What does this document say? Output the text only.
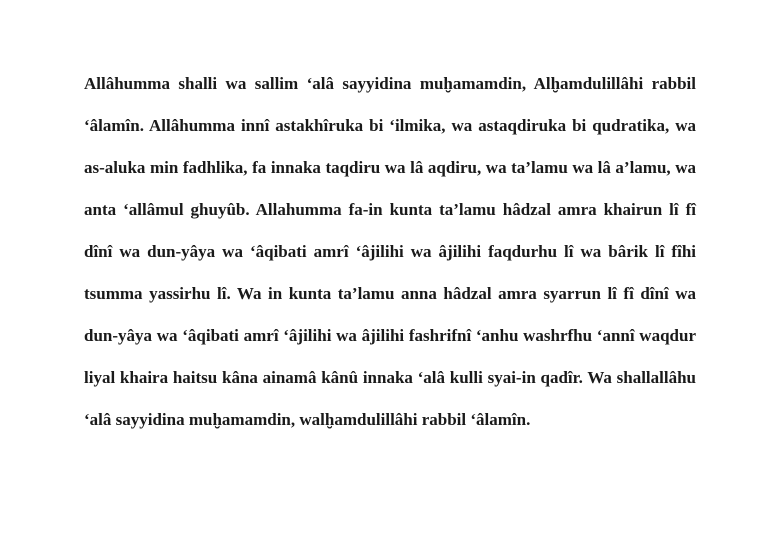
Allâhumma shalli wa sallim ‘alâ sayyidina muḫamamdin, Alḫamdulillâhi rabbil ‘âlamîn. Allâhumma innî astakhîruka bi ‘ilmika, wa astaqdiruka bi qudratika, wa as-aluka min fadhlika, fa innaka taqdiru wa lâ aqdiru, wa ta’lamu wa lâ a’lamu, wa anta ‘allâmul ghuyûb. Allahumma fa-in kunta ta’lamu hâdzal amra khairun lî fî dînî wa dun-yâya wa ‘âqibati amrî ‘âjilihi wa âjilihi faqdurhu lî wa bârik lî fîhi tsumma yassirhu lî. Wa in kunta ta’lamu anna hâdzal amra syarrun lî fî dînî wa dun-yâya wa ‘âqibati amrî ‘âjilihi wa âjilihi fashrifnî ‘anhu washrfhu ‘annî waqdur liyal khaira haitsu kâna ainamâ kânû innaka ‘alâ kulli syai-in qadîr. Wa shallallâhu ‘alâ sayyidina muḫamamdin, walḫamdulillâhi rabbil ‘âlamîn.
